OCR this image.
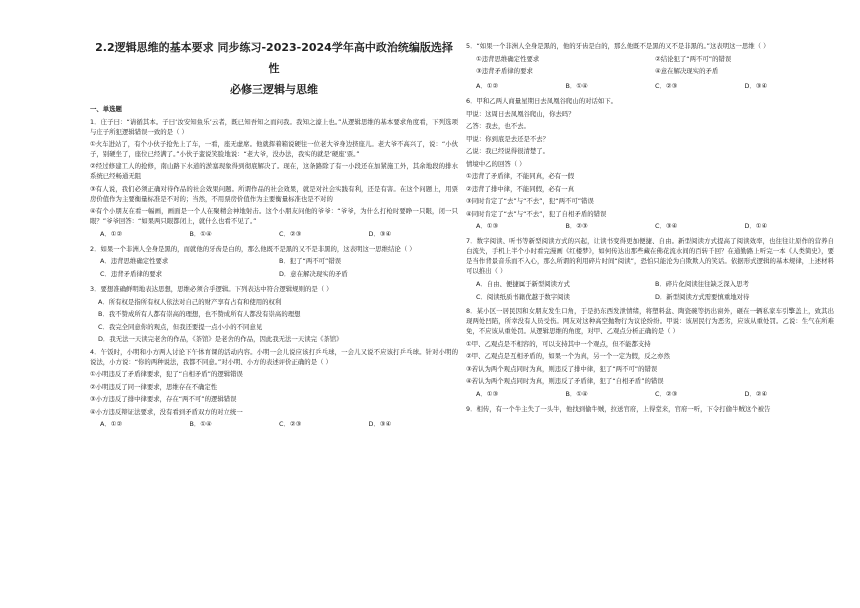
2.2逻辑思维的基本要求 同步练习-2023-2024学年高中政治统编版选择性
必修三逻辑与思维
一、单选题

1．庄子曰：“请循其本。子曰‘汝安知鱼乐’云者，既已知吾知之而问我。我知之濠上也。”从逻辑思维的基本要求角度看，下列选项与庄子所犯逻辑错误一致的是（ ）

①火车进站了，有个小伙子抢先上了车，一看，座无虚席。他就挥着箱说硬往一位老大爷身边挤座儿。老大爷不高兴了，说：“小伙子，别硬坐了，座位已经满了。”小伙子蛮说笑脸地说：“老大爷，没办法，我实的就是‘硬座’票。”

②经过修建工人的抢修，南山路下水道的淤塞现象得到彻底解决了。现在，这条路除了有一小段还在加紧施工外，其余地段的排水系统已经畅通无阻

③有人说，我们必须正确对待作品的社会效果问题。所谓作品的社会效果，就是对社会实践有利，还是有害。在这个问题上，用票房价值作为主要衡量标准是不对的；当然，不用票房价值作为主要衡量标准也是不对的

④有个小朋友在看一幅画，画面是一个人在聚精会神地射击。这个小朋友问他的爷爷：“爷爷，为什么打枪时要睁一只眼，闭一只眼？”爷爷回答：“如果两只眼都闭上，就什么也看不见了。”

A．①②	B．①④	C．②③	D．③④

2．如果一个非洲人全身是黑的，而就他的牙齿是白的，那么他既不是黑的又不是非黑的，这表明这一思维结论（ ）

A．违背思维确定性要求	B．犯了“两不可”错误
C．违背矛盾律的要求	D．意在解决现实的矛盾

3．要想准确鲜明地表达思想，思维必须合乎逻辑。下列表达中符合逻辑规则的是（ ）

A．所有权是指所有权人依法对自己的财产享有占有和使用的权利

B．我不赞成所有人都有崇高的理想，也不赞成所有人都没有崇高的理想

C．我完全同意你的观点，但我还要提一点小小的不同意见

D．我无法一天读完老舍的作品，《茶馆》是老舍的作品，因此我无法一天读完《茶馆》

4．午饭时，小明和小方两人讨论下午体育课的活动内容。小明一会儿说应该打乒乓球，一会儿又说不应该打乒乓球。针对小明的说法，小方说：“你的两种说法，我都不同意。”对小明、小方的表述评价正确的是（ ）

①小明违反了矛盾律要求，犯了“自相矛盾”的逻辑错误

②小明违反了同一律要求，思维存在不确定性

③小方违反了排中律要求，存在“两不可”的逻辑错误

④小方违反辩证法要求，没有看到矛盾双方的对立统一

A．①②	B．①④	C．②③	D．③④

5．“如果一个非洲人全身是黑的，他的牙齿是白的，那么他既不是黑的又不是非黑的。”这表明这一思维（ ）

①违背思维确定性要求	②结论犯了“两不可”的错误
③违背矛盾律的要求	④意在解决现实的矛盾
A．①②	B．①④	C．②③	D．③④

6．甲和乙两人商量星期日去凤凰谷爬山的对话如下。

甲说：这周日去凤凰谷爬山，你去吗？

乙答：我去，也不去。

甲说：你到底是去还是不去？

乙说：我已经说得很清楚了。

情境中乙的回答（ ）

①违背了矛盾律，不能同真，必有一假

②违背了排中律，不能同假，必有一真

③同时肯定了“去”与“不去”，犯“两不可”错误

④同时肯定了“去”与“不去”，犯了自相矛盾的错误

A．①③	B．②③	C．③④	D．①④

7．数字阅读、听书等新型阅读方式的兴起，让读书变得更加便捷、自由。新型阅读方式提高了阅读效率，也往往让原作的营养自白流失，手机上半个小时看完漫画《红楼梦》，如何传达出那些藏在佛花流水间的百转千回？在通勤路上听完一本《人类简史》，要是当作背景音乐而不入心，那么所谓的利用碎片时间“阅读”，恐怕只能沦为自欺欺人的笑话。依据形式逻辑的基本规律，上述材料可以推出（ ）

A．自由、便捷属于新型阅读方式	B．碎片化阅读往往缺乏深入思考
C．阅读纸质书籍优越于数字阅读	D．新型阅读方式需要慎重地对待

8．某小区一居民因和女朋友发生口角，于是扔东西发泄情绪，将塑料盆、陶瓷碗等扔出窗外，砸在一辆私家车引擎盖上，致其出现两处凹陷，所幸没有人员受伤。网友对这种高空抛物行为议论纷纷。甲说：该居民行为恶劣，应该从重处罚。乙说：生气在所难免，不应该从重处罚。从逻辑思维的角度，对甲、乙观点分析正确的是（ ）

①甲、乙观点是不相容的，可以支持其中一个观点，但不能都支持

②甲、乙观点是互相矛盾的，如果一个为真，另一个一定为假，反之亦然

③若认为两个观点同时为真，则违反了排中律，犯了“两不可”的错误

④若认为两个观点同时为真，则违反了矛盾律，犯了“自相矛盾”的错误

A．①③	B．①④	C．②③	D．②④

9．相传，有一个牛主失了一头牛，他找到偷牛贼，拉送官府，上得堂来，官府一听，下令打偷牛贼这个被告
